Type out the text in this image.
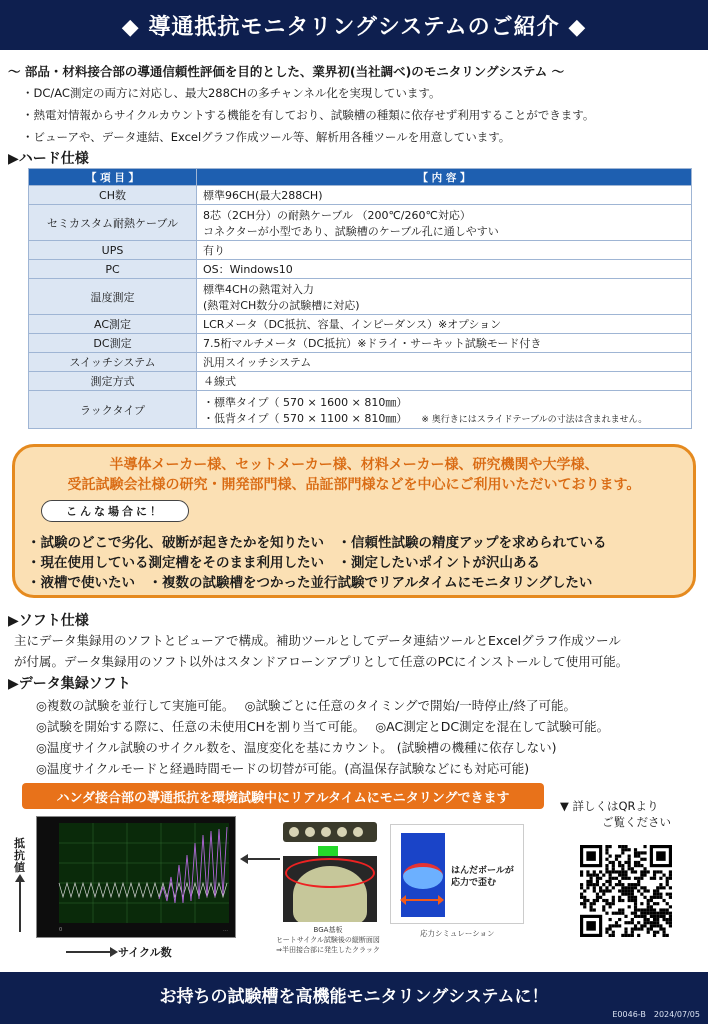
◆ 導通抵抗モニタリングシステムのご紹介 ◆
～ 部品・材料接合部の導通信頼性評価を目的とした、業界初(当社調べ)のモニタリングシステム ～
・DC/AC測定の両方に対応し、最大288CHの多チャンネル化を実現しています。
・熱電対情報からサイクルカウントする機能を有しており、試験槽の種類に依存せず利用することができます。
・ビューアや、データ連結、Excelグラフ作成ツール等、解析用各種ツールを用意しています。
▶ハード仕様
【 項 目 】	【 内 容 】
CH数	標準96CH(最大288CH)

セミカスタム耐熱ケーブル	8芯（2CH分）の耐熱ケーブル （200℃/260℃対応）
コネクターが小型であり、試験槽のケーブル孔に通しやすい

UPS	有り

PC	OS：Windows10

温度測定	標準4CHの熱電対入力
(熱電対CH数分の試験槽に対応)

AC測定	LCRメータ（DC抵抗、容量、インピーダンス）※オプション

DC測定	7.5桁マルチメータ（DC抵抗）※ドライ・サーキット試験モード付き

スイッチシステム	汎用スイッチシステム

測定方式	４線式

ラックタイプ	・標準タイプ（ 570 × 1600 × 810㎜）
・低背タイプ（ 570 × 1100 × 810㎜） ※ 奥行きにはスライドテーブルの寸法は含まれません。
半導体メーカー様、セットメーカー様、材料メーカー様、研究機関や大学様、
受託試験会社様の研究・開発部門様、品証部門様などを中心にご利用いただいております。
こんな場合に！
・試験のどこで劣化、破断が起きたかを知りたい　・信頼性試験の精度アップを求められている
・現在使用している測定槽をそのまま利用したい　・測定したいポイントが沢山ある
・液槽で使いたい　・複数の試験槽をつかった並行試験でリアルタイムにモニタリングしたい
▶ソフト仕様
主にデータ集録用のソフトとビューアで構成。補助ツールとしてデータ連結ツールとExcelグラフ作成ツール
が付属。データ集録用のソフト以外はスタンドアローンアプリとして任意のPCにインストールして使用可能。
▶データ集録ソフト
◎複数の試験を並行して実施可能。　 ◎試験ごとに任意のタイミングで開始/一時停止/終了可能。
◎試験を開始する際に、任意の未使用CHを割り当て可能。　 ◎AC測定とDC測定を混在して試験可能。
◎温度サイクル試験のサイクル数を、温度変化を基にカウント。 (試験槽の機種に依存しない)
◎温度サイクルモードと経過時間モードの切替が可能。(高温保存試験などにも対応可能)
ハンダ接合部の導通抵抗を環境試験中にリアルタイムにモニタリングできます
抵抗値
0	…
サイクル数
BGA基板
ヒートサイクル試験後の縦断面図
⇒半田接合部に発生したクラック
はんだボールが応力で歪む
応力シミュレーション
▼ 詳しくはQRより
ご覧ください
お持ちの試験槽を高機能モニタリングシステムに！
E0046-B　2024/07/05
